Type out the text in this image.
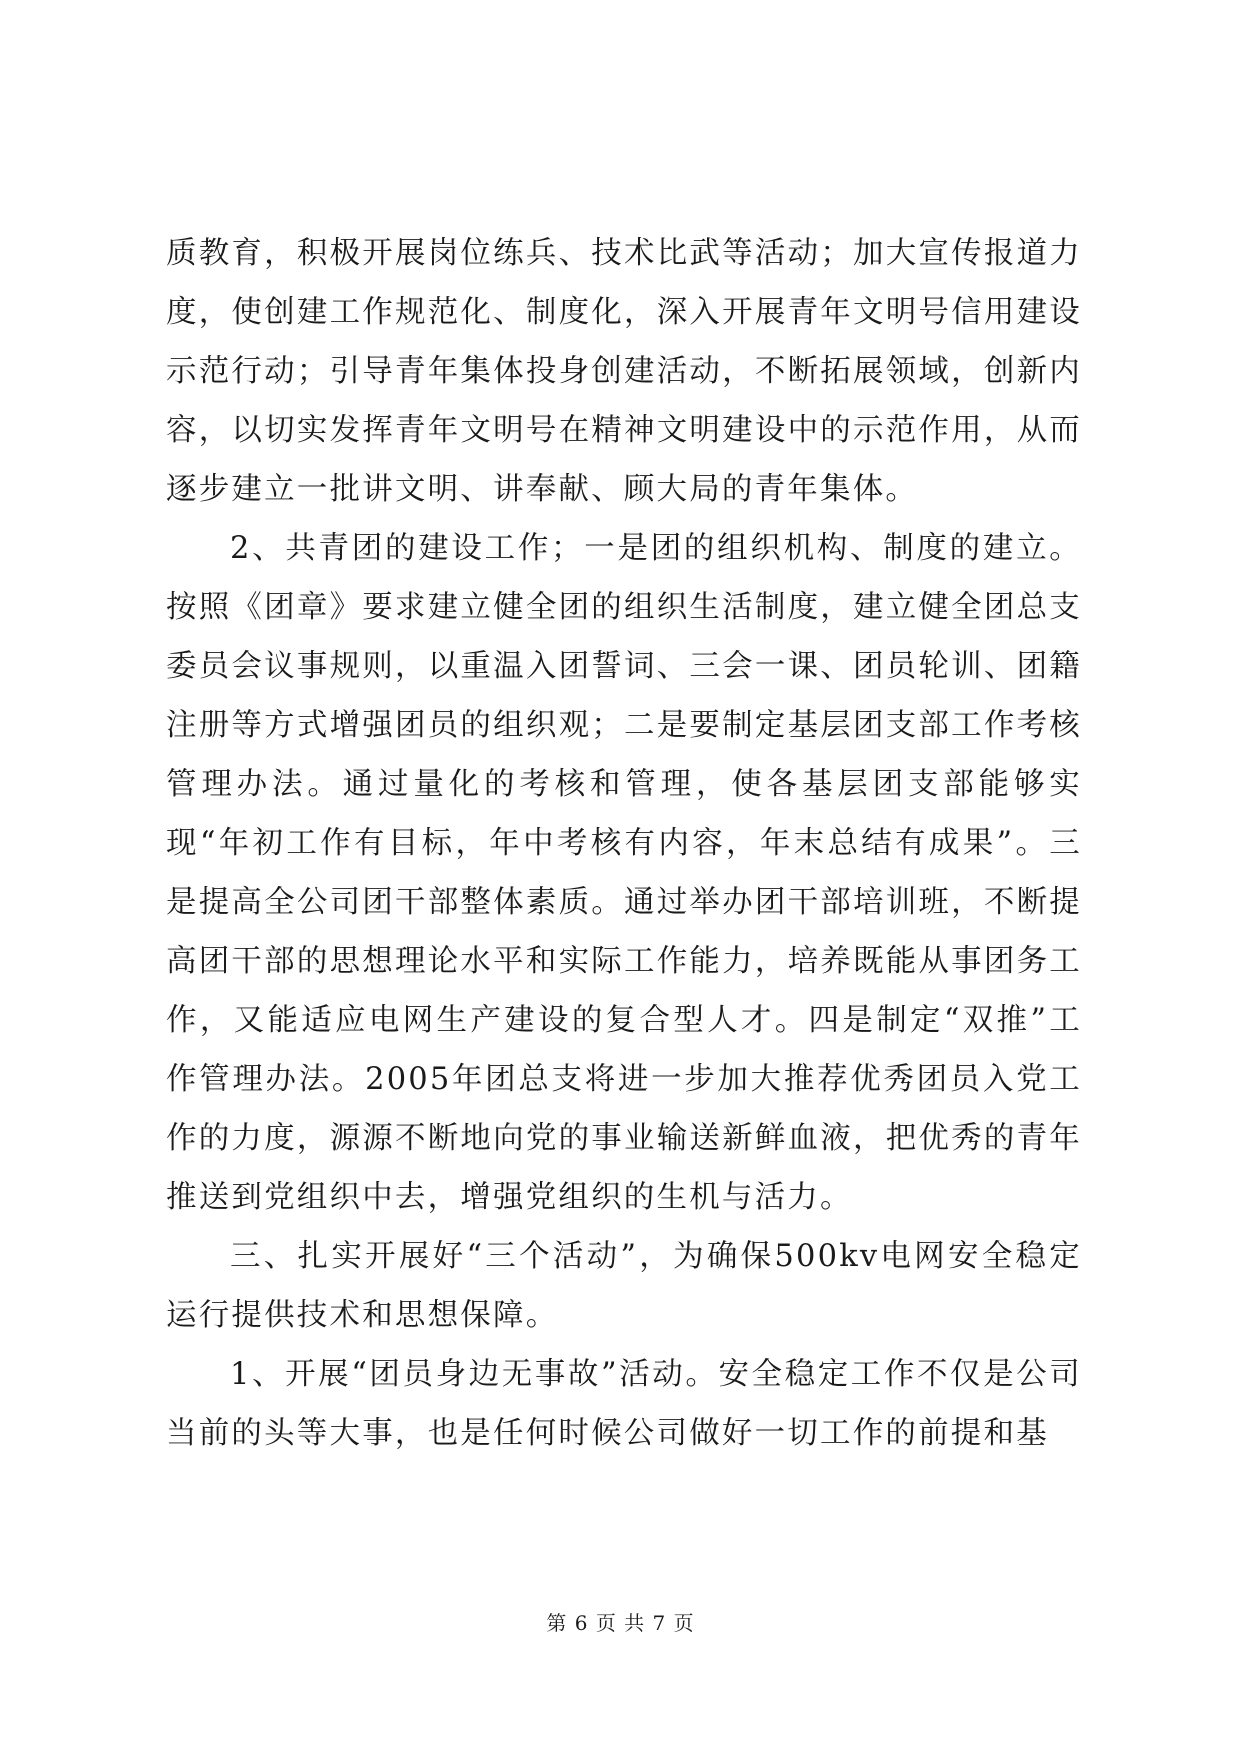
质教育，积极开展岗位练兵、技术比武等活动；加大宣传报道力度，使创建工作规范化、制度化，深入开展青年文明号信用建设示范行动；引导青年集体投身创建活动，不断拓展领域，创新内容，以切实发挥青年文明号在精神文明建设中的示范作用，从而逐步建立一批讲文明、讲奉献、顾大局的青年集体。

2、共青团的建设工作；一是团的组织机构、制度的建立。按照《团章》要求建立健全团的组织生活制度，建立健全团总支委员会议事规则，以重温入团誓词、三会一课、团员轮训、团籍注册等方式增强团员的组织观；二是要制定基层团支部工作考核管理办法。通过量化的考核和管理，使各基层团支部能够实现“年初工作有目标，年中考核有内容，年末总结有成果”。三是提高全公司团干部整体素质。通过举办团干部培训班，不断提高团干部的思想理论水平和实际工作能力，培养既能从事团务工作，又能适应电网生产建设的复合型人才。四是制定“双推”工作管理办法。2005年团总支将进一步加大推荐优秀团员入党工作的力度，源源不断地向党的事业输送新鲜血液，把优秀的青年推送到党组织中去，增强党组织的生机与活力。

三、扎实开展好“三个活动”，为确保500kv电网安全稳定运行提供技术和思想保障。

1、开展“团员身边无事故”活动。安全稳定工作不仅是公司当前的头等大事，也是任何时候公司做好一切工作的前提和基

第 6 页 共 7 页
